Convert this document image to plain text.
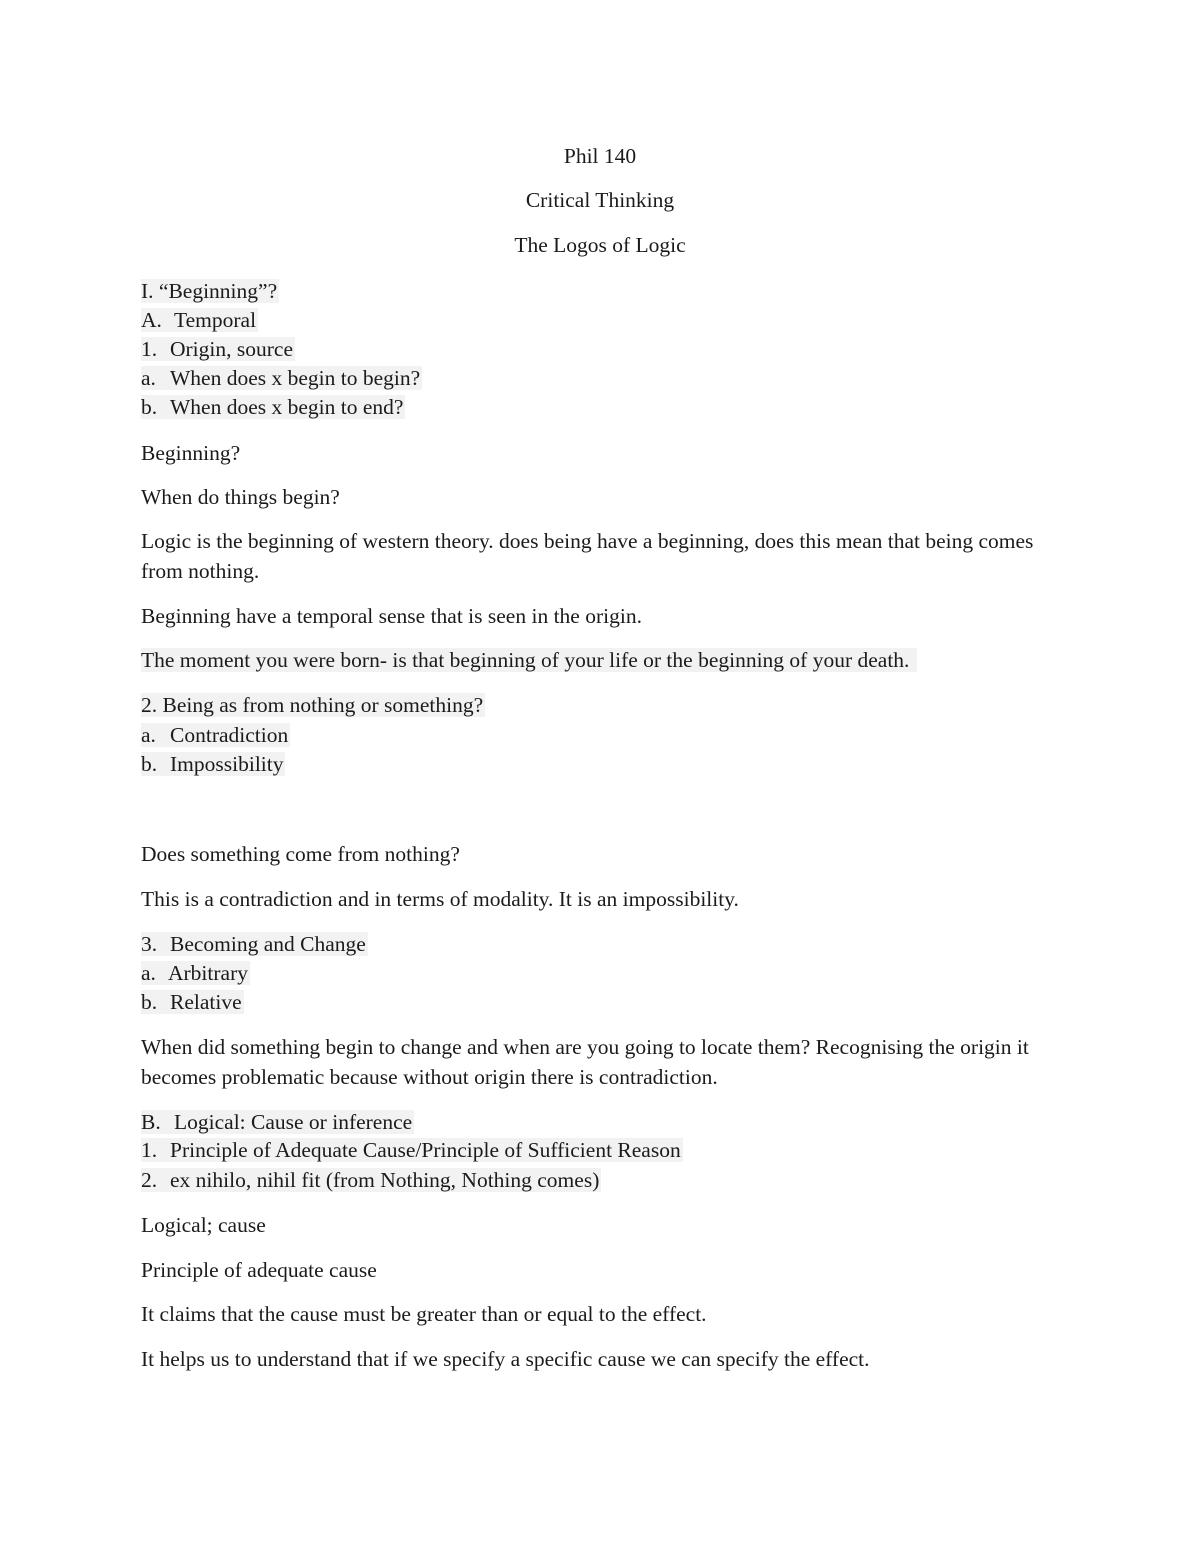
Phil 140
Critical Thinking
The Logos of Logic
I. “Beginning”?
A. Temporal
1. Origin, source
a. When does x begin to begin?
b. When does x begin to end?
Beginning?
When do things begin?
Logic is the beginning of western theory. does being have a beginning, does this mean that being comes from nothing.
Beginning have a temporal sense that is seen in the origin.
The moment you were born- is that beginning of your life or the beginning of your death.
2. Being as from nothing or something?
a. Contradiction
b. Impossibility
Does something come from nothing?
This is a contradiction and in terms of modality. It is an impossibility.
3. Becoming and Change
a. Arbitrary
b. Relative
When did something begin to change and when are you going to locate them? Recognising the origin it becomes problematic because without origin there is contradiction.
B. Logical: Cause or inference
1. Principle of Adequate Cause/Principle of Sufficient Reason
2. ex nihilo, nihil fit (from Nothing, Nothing comes)
Logical; cause
Principle of adequate cause
It claims that the cause must be greater than or equal to the effect.
It helps us to understand that if we specify a specific cause we can specify the effect.
